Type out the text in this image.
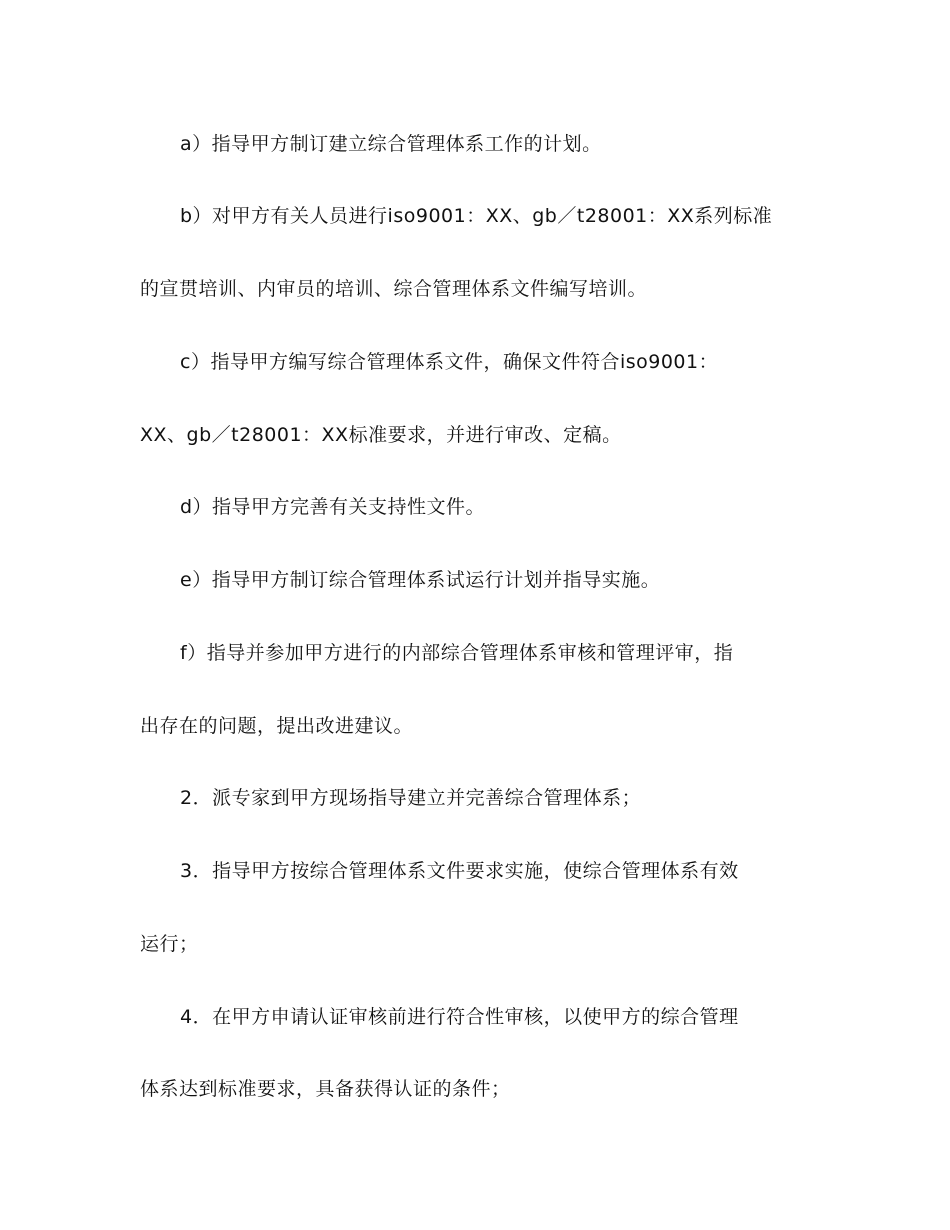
a）指导甲方制订建立综合管理体系工作的计划。
b）对甲方有关人员进行iso9001：XX、gb／t28001：XX系列标准
的宣贯培训、内审员的培训、综合管理体系文件编写培训。
c）指导甲方编写综合管理体系文件，确保文件符合iso9001：
XX、gb／t28001：XX标准要求，并进行审改、定稿。
d）指导甲方完善有关支持性文件。
e）指导甲方制订综合管理体系试运行计划并指导实施。
f）指导并参加甲方进行的内部综合管理体系审核和管理评审，指
出存在的问题，提出改进建议。
2．派专家到甲方现场指导建立并完善综合管理体系；
3．指导甲方按综合管理体系文件要求实施，使综合管理体系有效
运行；
4．在甲方申请认证审核前进行符合性审核，以使甲方的综合管理
体系达到标准要求，具备获得认证的条件；
